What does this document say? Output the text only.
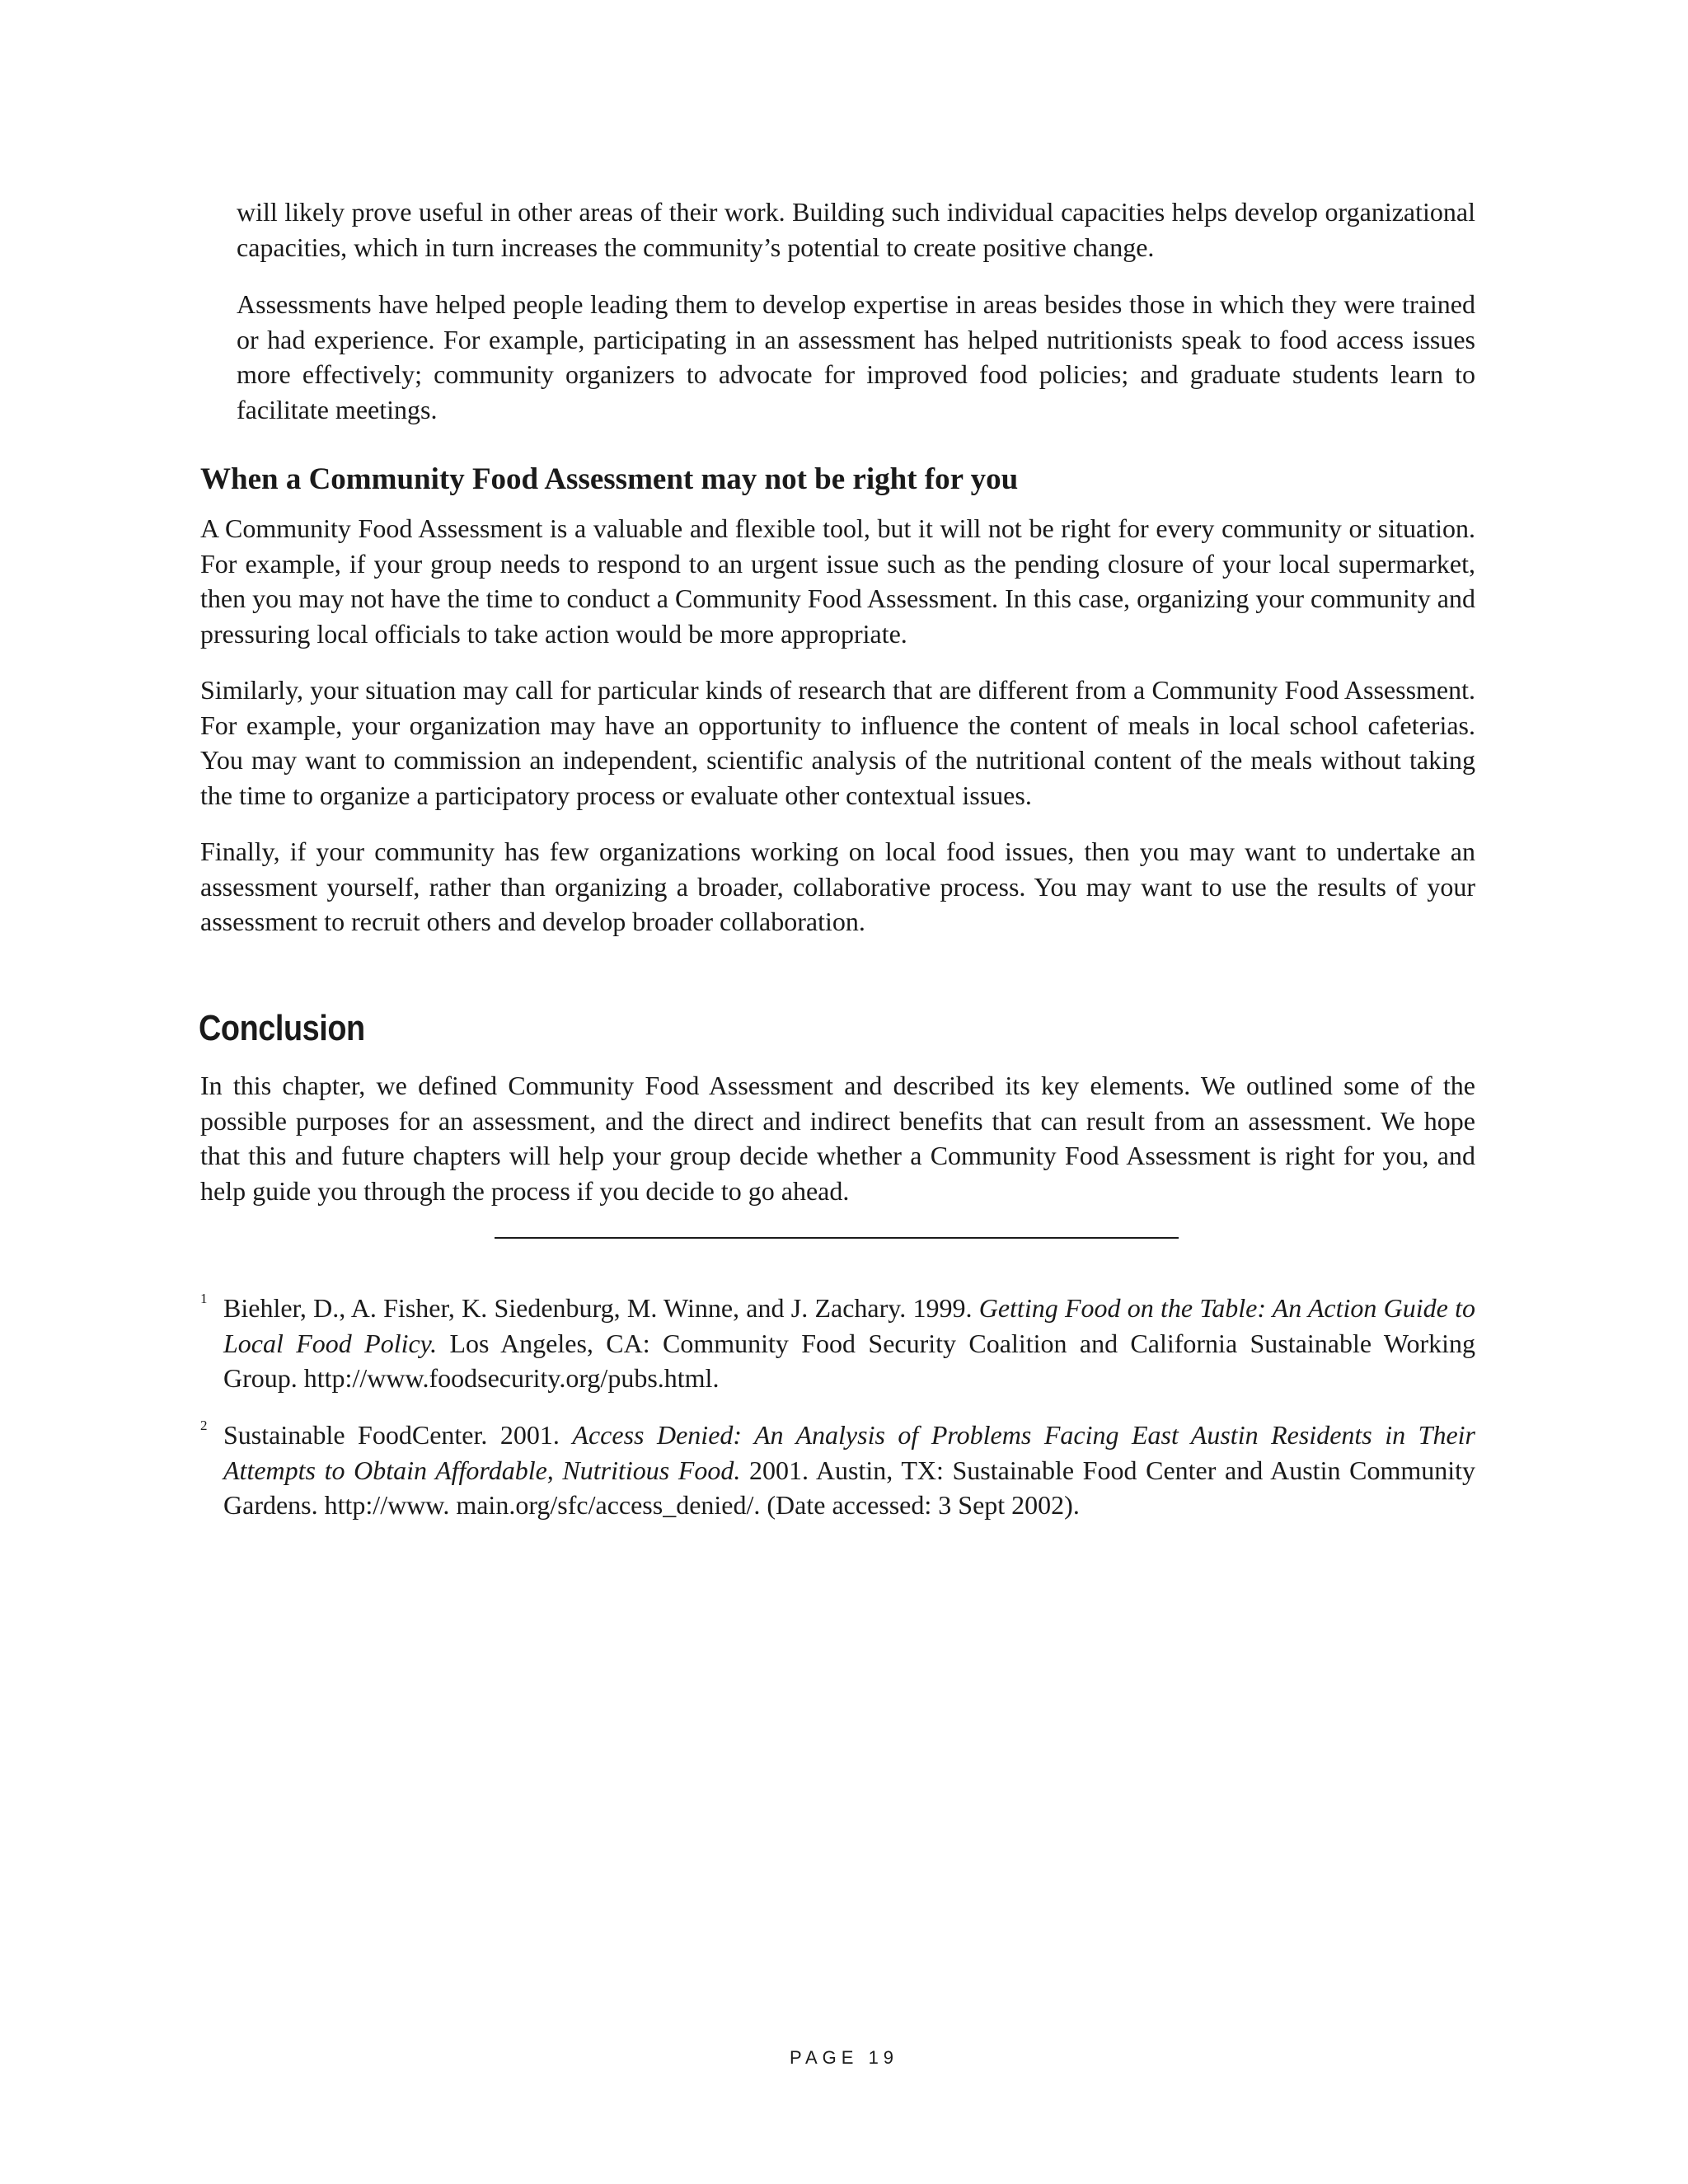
will likely prove useful in other areas of their work. Building such individual capacities helps develop organizational capacities, which in turn increases the community’s potential to create positive change.

Assessments have helped people leading them to develop expertise in areas besides those in which they were trained or had experience. For example, participating in an assessment has helped nutritionists speak to food access issues more effectively; community organizers to advocate for improved food policies; and graduate students learn to facilitate meetings.

When a Community Food Assessment may not be right for you

A Community Food Assessment is a valuable and flexible tool, but it will not be right for every community or situation. For example, if your group needs to respond to an urgent issue such as the pending closure of your local supermarket, then you may not have the time to conduct a Community Food Assessment. In this case, organizing your community and pressuring local officials to take action would be more appropriate.

Similarly, your situation may call for particular kinds of research that are different from a Community Food Assessment. For example, your organization may have an opportunity to influence the content of meals in local school cafeterias. You may want to commission an independent, scientific analysis of the nutritional content of the meals without taking the time to organize a participatory process or evaluate other contextual issues.

Finally, if your community has few organizations working on local food issues, then you may want to undertake an assessment yourself, rather than organizing a broader, collaborative process. You may want to use the results of your assessment to recruit others and develop broader collaboration.

Conclusion

In this chapter, we defined Community Food Assessment and described its key elements. We outlined some of the possible purposes for an assessment, and the direct and indirect benefits that can result from an assessment. We hope that this and future chapters will help your group decide whether a Community Food Assessment is right for you, and help guide you through the process if you decide to go ahead.

1 Biehler, D., A. Fisher, K. Siedenburg, M. Winne, and J. Zachary. 1999. Getting Food on the Table: An Action Guide to Local Food Policy. Los Angeles, CA: Community Food Security Coalition and California Sustainable Working Group. http://www.foodsecurity.org/pubs.html.
2 Sustainable FoodCenter. 2001. Access Denied: An Analysis of Problems Facing East Austin Residents in Their Attempts to Obtain Affordable, Nutritious Food. 2001. Austin, TX: Sustainable Food Center and Austin Community Gardens. http://www. main.org/sfc/access_denied/. (Date accessed: 3 Sept 2002).
PAGE 19
